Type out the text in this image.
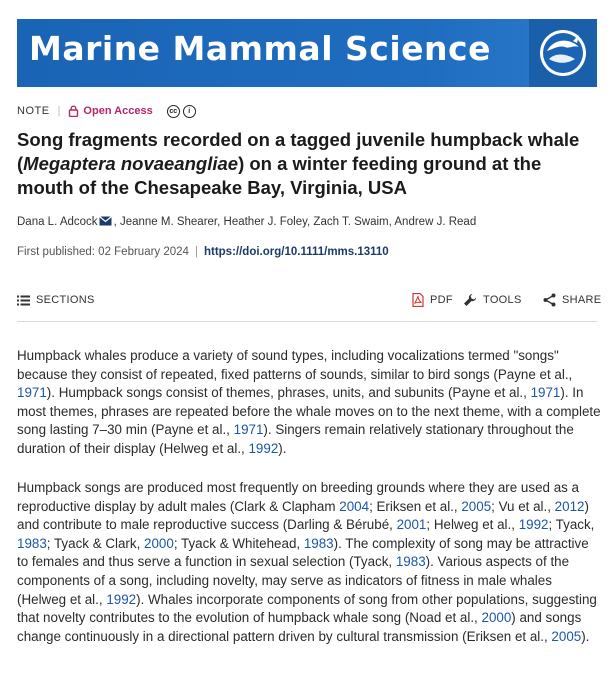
Marine Mammal Science
NOTE | Open Access	cc	i
Song fragments recorded on a tagged juvenile humpback whale (Megaptera novaeangliae) on a winter feeding ground at the mouth of the Chesapeake Bay, Virginia, USA
Dana L. Adcock , Jeanne M. Shearer, Heather J. Foley, Zach T. Swaim, Andrew J. Read
First published: 02 February 2024 | https://doi.org/10.1111/mms.13110
SECTIONS	PDF	TOOLS	SHARE
Humpback whales produce a variety of sound types, including vocalizations termed "songs" because they consist of repeated, fixed patterns of sounds, similar to bird songs (Payne et al., 1971). Humpback songs consist of themes, phrases, units, and subunits (Payne et al., 1971). In most themes, phrases are repeated before the whale moves on to the next theme, with a complete song lasting 7–30 min (Payne et al., 1971). Singers remain relatively stationary throughout the duration of their display (Helweg et al., 1992).
Humpback songs are produced most frequently on breeding grounds where they are used as a reproductive display by adult males (Clark & Clapham 2004; Eriksen et al., 2005; Vu et al., 2012) and contribute to male reproductive success (Darling & Bérubé, 2001; Helweg et al., 1992; Tyack, 1983; Tyack & Clark, 2000; Tyack & Whitehead, 1983). The complexity of song may be attractive to females and thus serve a function in sexual selection (Tyack, 1983). Various aspects of the components of a song, including novelty, may serve as indicators of fitness in male whales (Helweg et al., 1992). Whales incorporate components of song from other populations, suggesting that novelty contributes to the evolution of humpback whale song (Noad et al., 2000) and songs change continuously in a directional pattern driven by cultural transmission (Eriksen et al., 2005).
